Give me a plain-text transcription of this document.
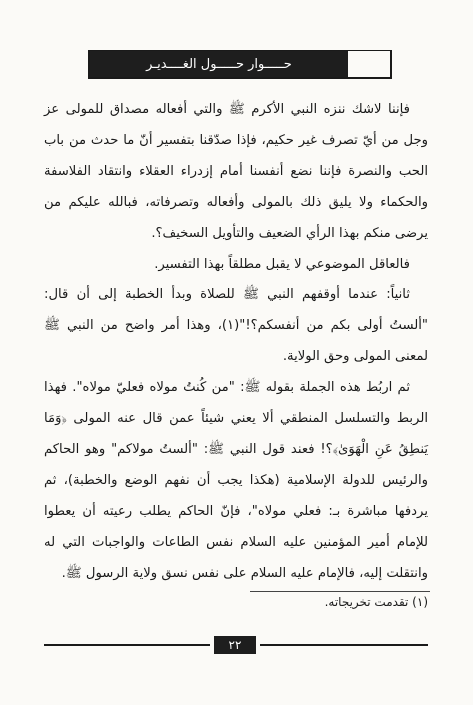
حـــــوار حـــــول الغــــديـر

فإننا لاشك ننزه النبي الأكرم ﷺ والتي أفعاله مصداق للمولى عز وجل من أيّ تصرف غير حكيم، فإذا صدّقنا بتفسير أنّ ما حدث من باب الحب والنصرة فإننا نضع أنفسنا أمام إزدراء العقلاء وانتقاد الفلاسفة والحكماء ولا يليق ذلك بالمولى وأفعاله وتصرفاته، فبالله عليكم من يرضى منكم بهذا الرأي الضعيف والتأويل السخيف؟.

فالعاقل الموضوعي لا يقبل مطلقاً بهذا التفسير.

ثانياً: عندما أوقفهم النبي ﷺ للصلاة وبدأ الخطبة إلى أن قال: "ألستُ أولى بكم من أنفسكم؟!"(١)، وهذا أمر واضح من النبي ﷺ لمعنى المولى وحق الولاية.

ثم اربُط هذه الجملة بقوله ﷺ: "من كُنتُ مولاه فعليّ مولاه". فهذا الربط والتسلسل المنطقي ألا يعني شيئاً عمن قال عنه المولى ﴿وَمَا يَنطِقُ عَنِ الْهَوَىٰ﴾؟! فعند قول النبي ﷺ: "ألستُ مولاكم" وهو الحاكم والرئيس للدولة الإسلامية (هكذا يجب أن نفهم الوضع والخطبة)، ثم يردفها مباشرة بـ: فعلي مولاه"، فإنّ الحاكم يطلب رعيته أن يعطوا للإمام أمير المؤمنين عليه السلام نفس الطاعات والواجبات التي له وانتقلت إليه، فالإمام عليه السلام على نفس نسق ولاية الرسول ﷺ.

(١) تقدمت تخريجاته.
٢٢
